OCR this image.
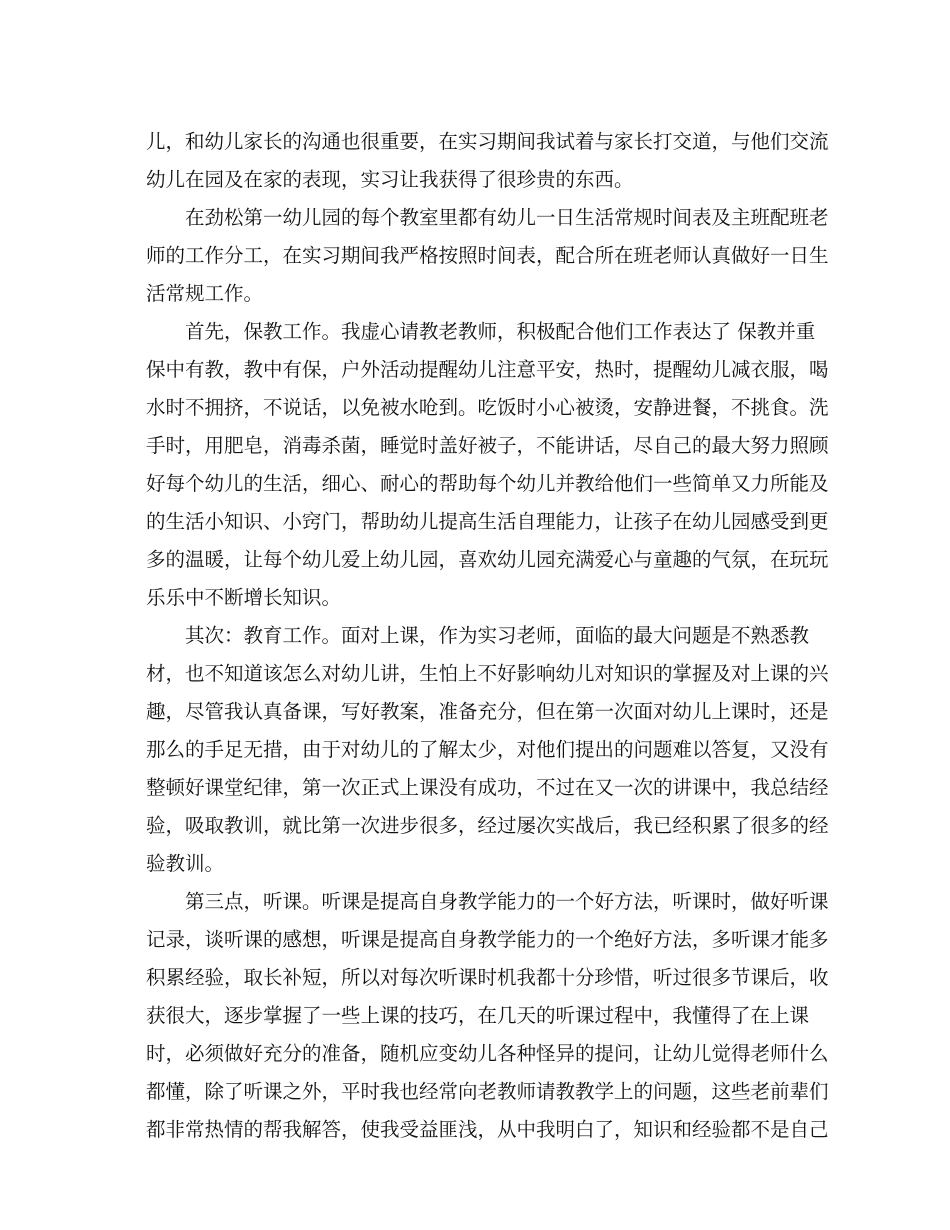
儿，和幼儿家长的沟通也很重要，在实习期间我试着与家长打交道，与他们交流
幼儿在园及在家的表现，实习让我获得了很珍贵的东西。
在劲松第一幼儿园的每个教室里都有幼儿一日生活常规时间表及主班配班老
师的工作分工，在实习期间我严格按照时间表，配合所在班老师认真做好一日生
活常规工作。
首先，保教工作。我虚心请教老教师，积极配合他们工作表达了 保教并重
保中有教，教中有保，户外活动提醒幼儿注意平安，热时，提醒幼儿减衣服，喝
水时不拥挤，不说话，以免被水呛到。吃饭时小心被烫，安静进餐，不挑食。洗
手时，用肥皂，消毒杀菌，睡觉时盖好被子，不能讲话，尽自己的最大努力照顾
好每个幼儿的生活，细心、耐心的帮助每个幼儿并教给他们一些简单又力所能及
的生活小知识、小窍门，帮助幼儿提高生活自理能力，让孩子在幼儿园感受到更
多的温暖，让每个幼儿爱上幼儿园，喜欢幼儿园充满爱心与童趣的气氛，在玩玩
乐乐中不断增长知识。
其次：教育工作。面对上课，作为实习老师，面临的最大问题是不熟悉教
材，也不知道该怎么对幼儿讲，生怕上不好影响幼儿对知识的掌握及对上课的兴
趣，尽管我认真备课，写好教案，准备充分，但在第一次面对幼儿上课时，还是
那么的手足无措，由于对幼儿的了解太少，对他们提出的问题难以答复，又没有
整顿好课堂纪律，第一次正式上课没有成功，不过在又一次的讲课中，我总结经
验，吸取教训，就比第一次进步很多，经过屡次实战后，我已经积累了很多的经
验教训。
第三点，听课。听课是提高自身教学能力的一个好方法，听课时，做好听课
记录，谈听课的感想，听课是提高自身教学能力的一个绝好方法，多听课才能多
积累经验，取长补短，所以对每次听课时机我都十分珍惜，听过很多节课后，收
获很大，逐步掌握了一些上课的技巧，在几天的听课过程中，我懂得了在上课
时，必须做好充分的准备，随机应变幼儿各种怪异的提问，让幼儿觉得老师什么
都懂，除了听课之外，平时我也经常向老教师请教教学上的问题，这些老前辈们
都非常热情的帮我解答，使我受益匪浅，从中我明白了，知识和经验都不是自己
